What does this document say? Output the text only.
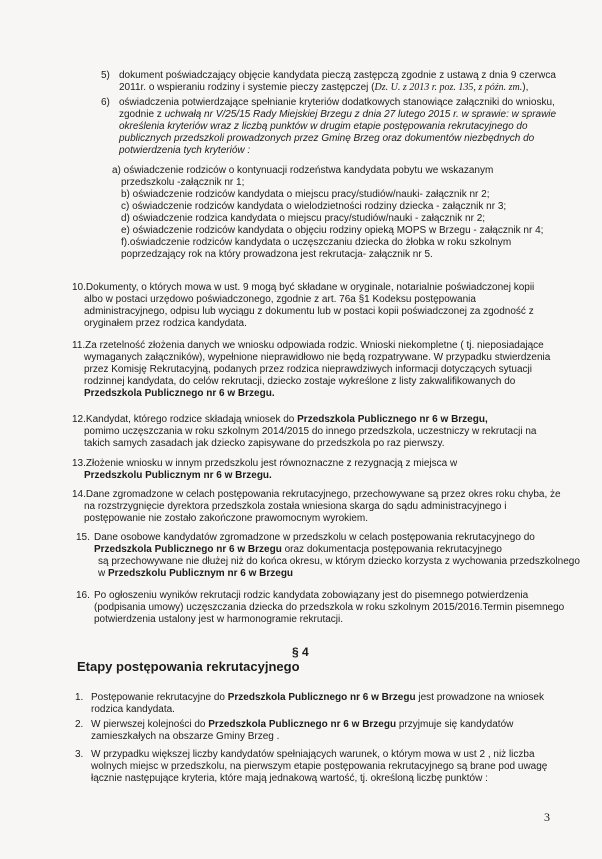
5) dokument poświadczający objęcie kandydata pieczą zastępczą zgodnie z ustawą z dnia 9 czerwca
2011r. o wspieraniu rodziny i systemie pieczy zastępczej (Dz. U. z 2013 r. poz. 135, z późn. zm.),
6) oświadczenia potwierdzające spełnianie kryteriów dodatkowych stanowiące załączniki do wniosku,
zgodnie z uchwałą nr V/25/15 Rady Miejskiej Brzegu z dnia 27 lutego 2015 r. w sprawie: w sprawie
określenia kryteriów wraz z liczbą punktów w drugim etapie postępowania rekrutacyjnego do
publicznych przedszkoli prowadzonych przez Gminę Brzeg oraz dokumentów niezbędnych do
potwierdzenia tych kryteriów :
a) oświadczenie rodziców o kontynuacji rodzeństwa kandydata pobytu we wskazanym
przedszkolu -załącznik nr 1;
b) oświadczenie rodziców kandydata o miejscu pracy/studiów/nauki- załącznik nr 2;
c) oświadczenie rodziców kandydata o wielodzietności rodziny dziecka - załącznik nr 3;
d) oświadczenie rodzica kandydata o miejscu pracy/studiów/nauki - załącznik nr 2;
e) oświadczenie rodziców kandydata o objęciu rodziny opieką MOPS w Brzegu - załącznik nr 4;
f).oświadczenie rodziców kandydata o uczęszczaniu dziecka do żłobka w roku szkolnym
poprzedzający rok na który prowadzona jest rekrutacja- załącznik nr 5.
10.Dokumenty, o których mowa w ust. 9 mogą być składane w oryginale, notarialnie poświadczonej kopii
albo w postaci urzędowo poświadczonego, zgodnie z art. 76a §1 Kodeksu postępowania
administracyjnego, odpisu lub wyciągu z dokumentu lub w postaci kopii poświadczonej za zgodność z
oryginałem przez rodzica kandydata.
11.Za rzetelność złożenia danych we wniosku odpowiada rodzic. Wnioski niekompletne ( tj. nieposiadające
wymaganych załączników), wypełnione nieprawidłowo nie będą rozpatrywane. W przypadku stwierdzenia
przez Komisję Rekrutacyjną, podanych przez rodzica nieprawdziwych informacji dotyczących sytuacji
rodzinnej kandydata, do celów rekrutacji, dziecko zostaje wykreślone z listy zakwalifikowanych do
Przedszkola Publicznego nr 6 w Brzegu.
12.Kandydat, którego rodzice składają wniosek do Przedszkola Publicznego nr 6 w Brzegu,
pomimo uczęszczania w roku szkolnym 2014/2015 do innego przedszkola, uczestniczy w rekrutacji na
takich samych zasadach jak dziecko zapisywane do przedszkola po raz pierwszy.
13.Złożenie wniosku w innym przedszkolu jest równoznaczne z rezygnacją z miejsca w
Przedszkolu Publicznym nr 6 w Brzegu.
14.Dane zgromadzone w celach postępowania rekrutacyjnego, przechowywane są przez okres roku chyba, że
na rozstrzygnięcie dyrektora przedszkola została wniesiona skarga do sądu administracyjnego i
postępowanie nie zostało zakończone prawomocnym wyrokiem.
15. Dane osobowe kandydatów zgromadzone w przedszkolu w celach postępowania rekrutacyjnego do
Przedszkola Publicznego nr 6 w Brzegu oraz dokumentacja postępowania rekrutacyjnego
są przechowywane nie dłużej niż do końca okresu, w którym dziecko korzysta z wychowania przedszkolnego
w Przedszkolu Publicznym nr 6 w Brzegu
16. Po ogłoszeniu wyników rekrutacji rodzic kandydata zobowiązany jest do pisemnego potwierdzenia
(podpisania umowy) uczęszczania dziecka do przedszkola w roku szkolnym 2015/2016.Termin pisemnego
potwierdzenia ustalony jest w harmonogramie rekrutacji.
§ 4
Etapy postępowania rekrutacyjnego
1. Postępowanie rekrutacyjne do Przedszkola Publicznego nr 6 w Brzegu jest prowadzone na wniosek
rodzica kandydata.
2. W pierwszej kolejności do Przedszkola Publicznego nr 6 w Brzegu przyjmuje się kandydatów
zamieszkałych na obszarze Gminy Brzeg .
3. W przypadku większej liczby kandydatów spełniających warunek, o którym mowa w ust 2 , niż liczba
wolnych miejsc w przedszkolu, na pierwszym etapie postępowania rekrutacyjnego są brane pod uwagę
łącznie następujące kryteria, które mają jednakową wartość, tj. określoną liczbę punktów :
3
